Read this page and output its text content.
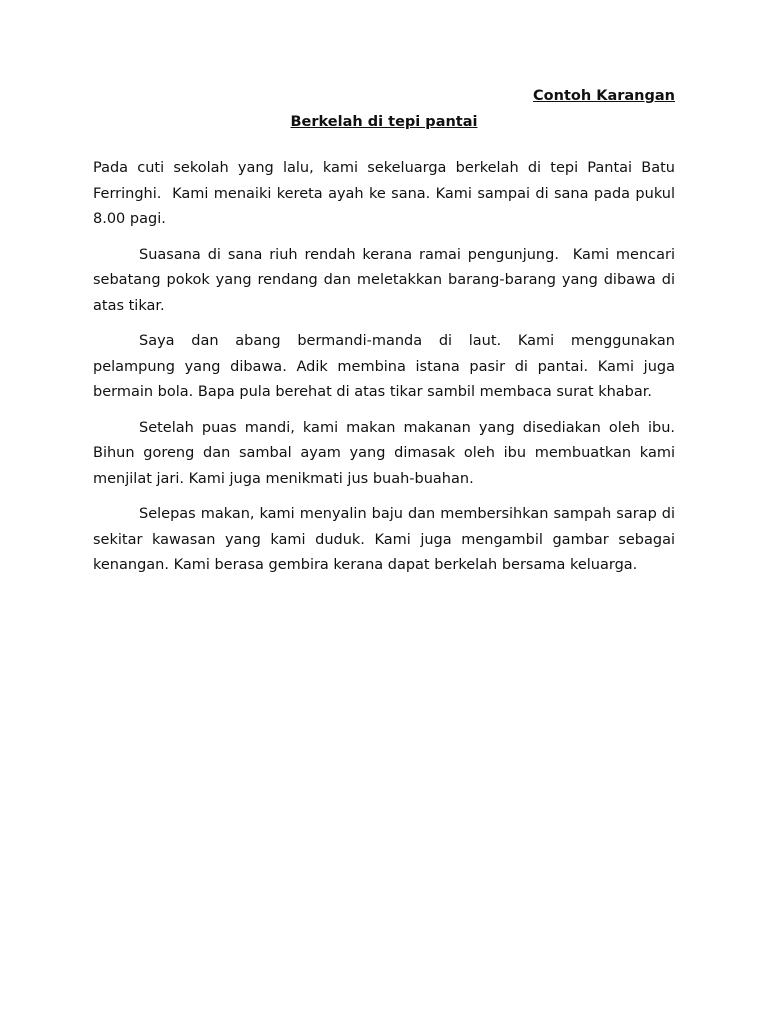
Contoh Karangan

Berkelah di tepi pantai

Pada cuti sekolah yang lalu, kami sekeluarga berkelah di tepi Pantai Batu Ferringhi.  Kami menaiki kereta ayah ke sana. Kami sampai di sana pada pukul 8.00 pagi.

Suasana di sana riuh rendah kerana ramai pengunjung.  Kami mencari sebatang pokok yang rendang dan meletakkan barang-barang yang dibawa di atas tikar.

Saya dan abang bermandi-manda di laut. Kami menggunakan pelampung yang dibawa. Adik membina istana pasir di pantai. Kami juga bermain bola. Bapa pula berehat di atas tikar sambil membaca surat khabar.

Setelah puas mandi, kami makan makanan yang disediakan oleh ibu. Bihun goreng dan sambal ayam yang dimasak oleh ibu membuatkan kami menjilat jari. Kami juga menikmati jus buah-buahan.

Selepas makan, kami menyalin baju dan membersihkan sampah sarap di sekitar kawasan yang kami duduk. Kami juga mengambil gambar sebagai kenangan. Kami berasa gembira kerana dapat berkelah bersama keluarga.
